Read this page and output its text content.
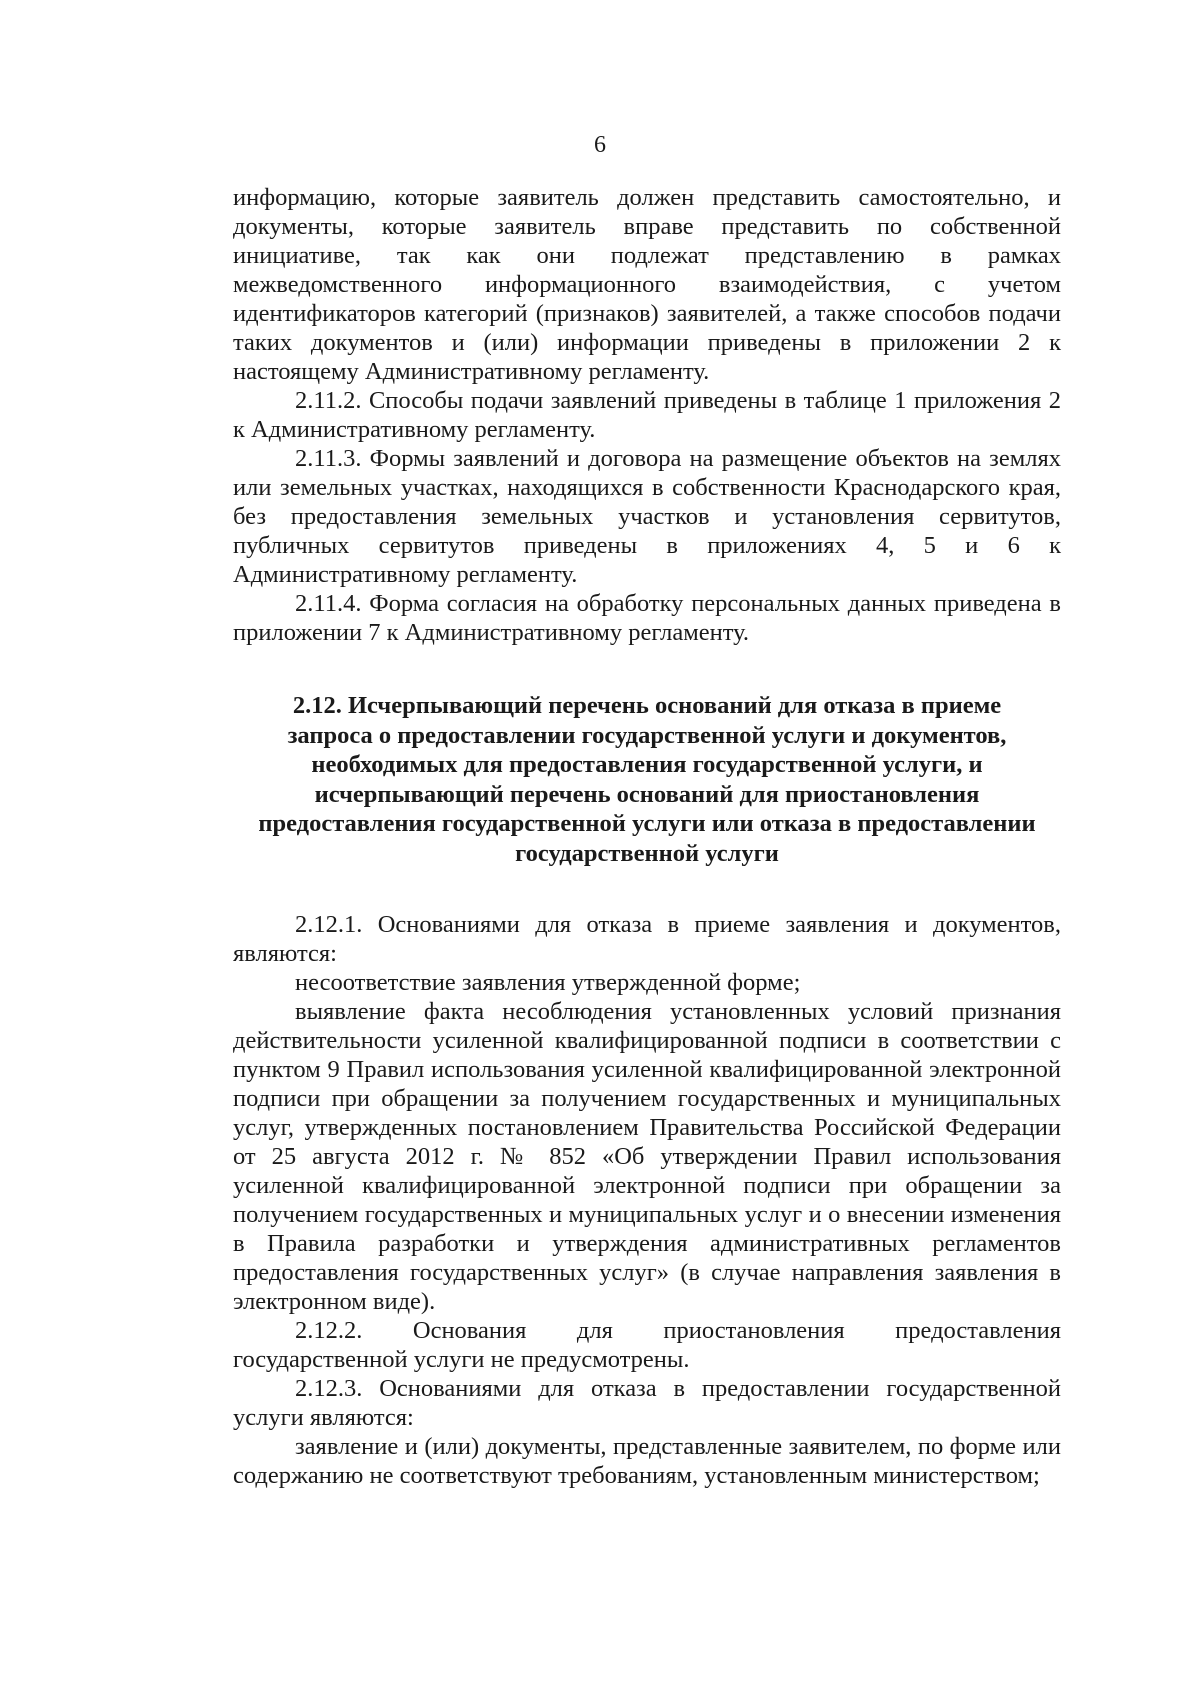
6

информацию, которые заявитель должен представить самостоятельно, и документы, которые заявитель вправе представить по собственной инициативе, так как они подлежат представлению в рамках межведомственного информационного взаимодействия, с учетом идентификаторов категорий (признаков) заявителей, а также способов подачи таких документов и (или) информации приведены в приложении 2 к настоящему Административному регламенту.

2.11.2. Способы подачи заявлений приведены в таблице 1 приложения 2 к Административному регламенту.

2.11.3. Формы заявлений и договора на размещение объектов на землях или земельных участках, находящихся в собственности Краснодарского края, без предоставления земельных участков и установления сервитутов, публичных сервитутов приведены в приложениях 4, 5 и 6 к Административному регламенту.

2.11.4. Форма согласия на обработку персональных данных приведена в приложении 7 к Административному регламенту.

2.12. Исчерпывающий перечень оснований для отказа в приеме
запроса о предоставлении государственной услуги и документов,
необходимых для предоставления государственной услуги, и
исчерпывающий перечень оснований для приостановления
предоставления государственной услуги или отказа в предоставлении
государственной услуги

2.12.1. Основаниями для отказа в приеме заявления и документов, являются:

несоответствие заявления утвержденной форме;

выявление факта несоблюдения установленных условий признания действительности усиленной квалифицированной подписи в соответствии с пунктом 9 Правил использования усиленной квалифицированной электронной подписи при обращении за получением государственных и муниципальных услуг, утвержденных постановлением Правительства Российской Федерации от 25 августа 2012 г. № 852 «Об утверждении Правил использования усиленной квалифицированной электронной подписи при обращении за получением государственных и муниципальных услуг и о внесении изменения в Правила разработки и утверждения административных регламентов предоставления государственных услуг» (в случае направления заявления в электронном виде).

2.12.2. Основания для приостановления предоставления государственной услуги не предусмотрены.

2.12.3. Основаниями для отказа в предоставлении государственной услуги являются:

заявление и (или) документы, представленные заявителем, по форме или содержанию не соответствуют требованиям, установленным министерством;
